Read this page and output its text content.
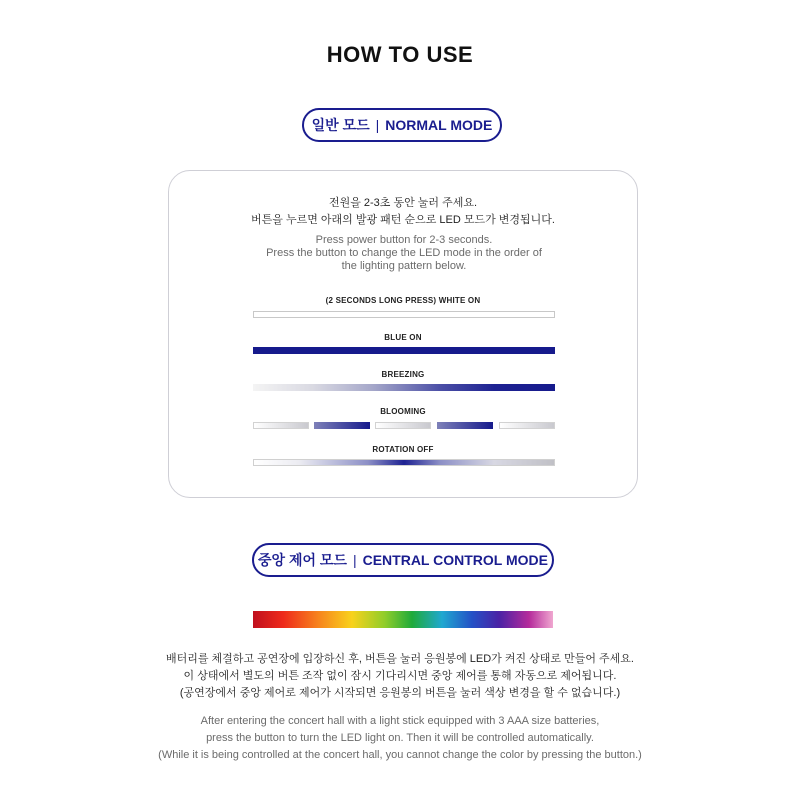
HOW TO USE
일반 모드 | NORMAL MODE
전원을 2-3초 동안 눌러 주세요.
버튼을 누르면 아래의 발광 패턴 순으로 LED 모드가 변경됩니다.
Press power button for 2-3 seconds.
Press the button to change the LED mode in the order of
the lighting pattern below.
(2 SECONDS LONG PRESS) WHITE ON
BLUE ON
BREEZING
BLOOMING
ROTATION OFF
중앙 제어 모드 | CENTRAL CONTROL MODE
배터리를 체결하고 공연장에 입장하신 후, 버튼을 눌러 응원봉에 LED가 켜진 상태로 만들어 주세요.
이 상태에서 별도의 버튼 조작 없이 잠시 기다리시면 중앙 제어를 통해 자동으로 제어됩니다.
(공연장에서 중앙 제어로 제어가 시작되면 응원봉의 버튼을 눌러 색상 변경을 할 수 없습니다.)
After entering the concert hall with a light stick equipped with 3 AAA size batteries,
press the button to turn the LED light on. Then it will be controlled automatically.
(While it is being controlled at the concert hall, you cannot change the color by pressing the button.)
